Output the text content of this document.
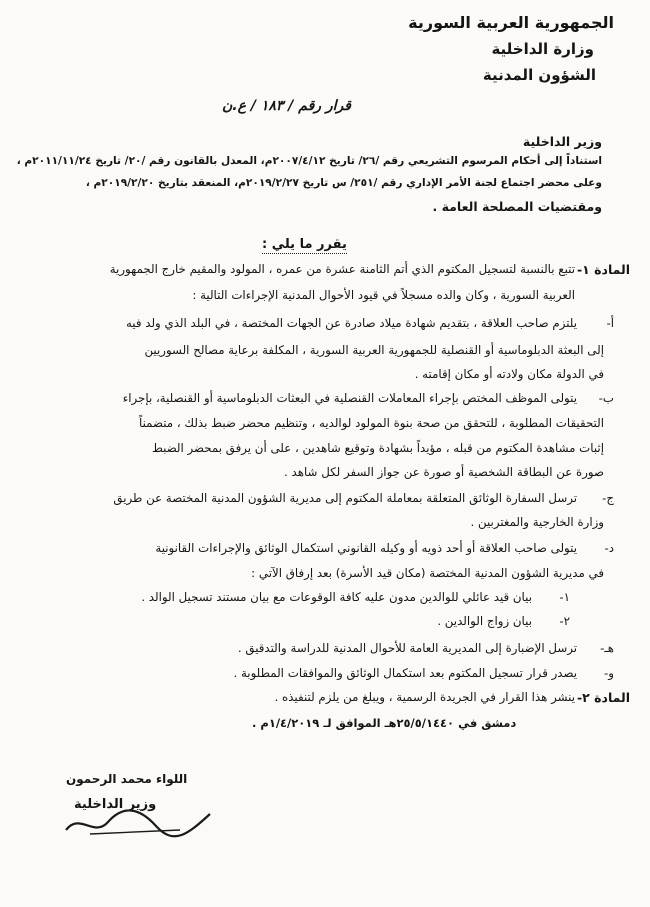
الجمهورية العربية السورية
وزارة الداخلية
الشؤون المدنية
قرار رقم / ١٨٣ / ع.ن
وزير الداخلية
استناداً إلى أحكام المرسوم التشريعي رقم /٢٦/ تاريخ ٢٠٠٧/٤/١٢م، المعدل بالقانون رقم /٢٠/ تاريخ ٢٠١١/١١/٢٤م ،
وعلى محضر اجتماع لجنة الأمر الإداري رقم /٢٥١/ س تاريخ ٢٠١٩/٢/٢٧م، المنعقد بتاريخ ٢٠١٩/٢/٢٠م ،
ومقتضيات المصلحة العامة .
يقرر ما يلي :
المادة ١-
تتبع بالنسبة لتسجيل المكتوم الذي أتم الثامنة عشرة من عمره ، المولود والمقيم خارج الجمهورية
العربية السورية ، وكان والده مسجلاً في قيود الأحوال المدنية الإجراءات التالية :
أ-
يلتزم صاحب العلاقة ، بتقديم شهادة ميلاد صادرة عن الجهات المختصة ، في البلد الذي ولد فيه
إلى البعثة الدبلوماسية أو القنصلية للجمهورية العربية السورية ، المكلفة برعاية مصالح السوريين
في الدولة مكان ولادته أو مكان إقامته .
ب-
يتولى الموظف المختص بإجراء المعاملات القنصلية في البعثات الدبلوماسية أو القنصلية، بإجراء
التحقيقات المطلوبة ، للتحقق من صحة بنوة المولود لوالديه ، وتنظيم محضر ضبط بذلك ، متضمناً
إثبات مشاهدة المكتوم من قبله ، مؤيداً بشهادة وتوقيع شاهدين ، على أن يرفق بمحضر الضبط
صورة عن البطاقة الشخصية أو صورة عن جواز السفر لكل شاهد .
ج-
ترسل السفارة الوثائق المتعلقة بمعاملة المكتوم إلى مديرية الشؤون المدنية المختصة عن طريق
وزارة الخارجية والمغتربين .
د-
يتولى صاحب العلاقة أو أحد ذويه أو وكيله القانوني استكمال الوثائق والإجراءات القانونية
في مديرية الشؤون المدنية المختصة (مكان قيد الأسرة) بعد إرفاق الآتي :
١-
بيان قيد عائلي للوالدين مدون عليه كافة الوقوعات مع بيان مستند تسجيل الوالد .
٢-
بيان زواج الوالدين .
هـ-
ترسل الإضبارة إلى المديرية العامة للأحوال المدنية للدراسة والتدقيق .
و-
يصدر قرار تسجيل المكتوم بعد استكمال الوثائق والموافقات المطلوبة .
المادة ٢-
ينشر هذا القرار في الجريدة الرسمية ، ويبلغ من يلزم لتنفيذه .
دمشق في ٢٥/٥/١٤٤٠هـ الموافق لـ ١/٤/٢٠١٩م .
اللواء محمد الرحمون
وزير الداخلية
